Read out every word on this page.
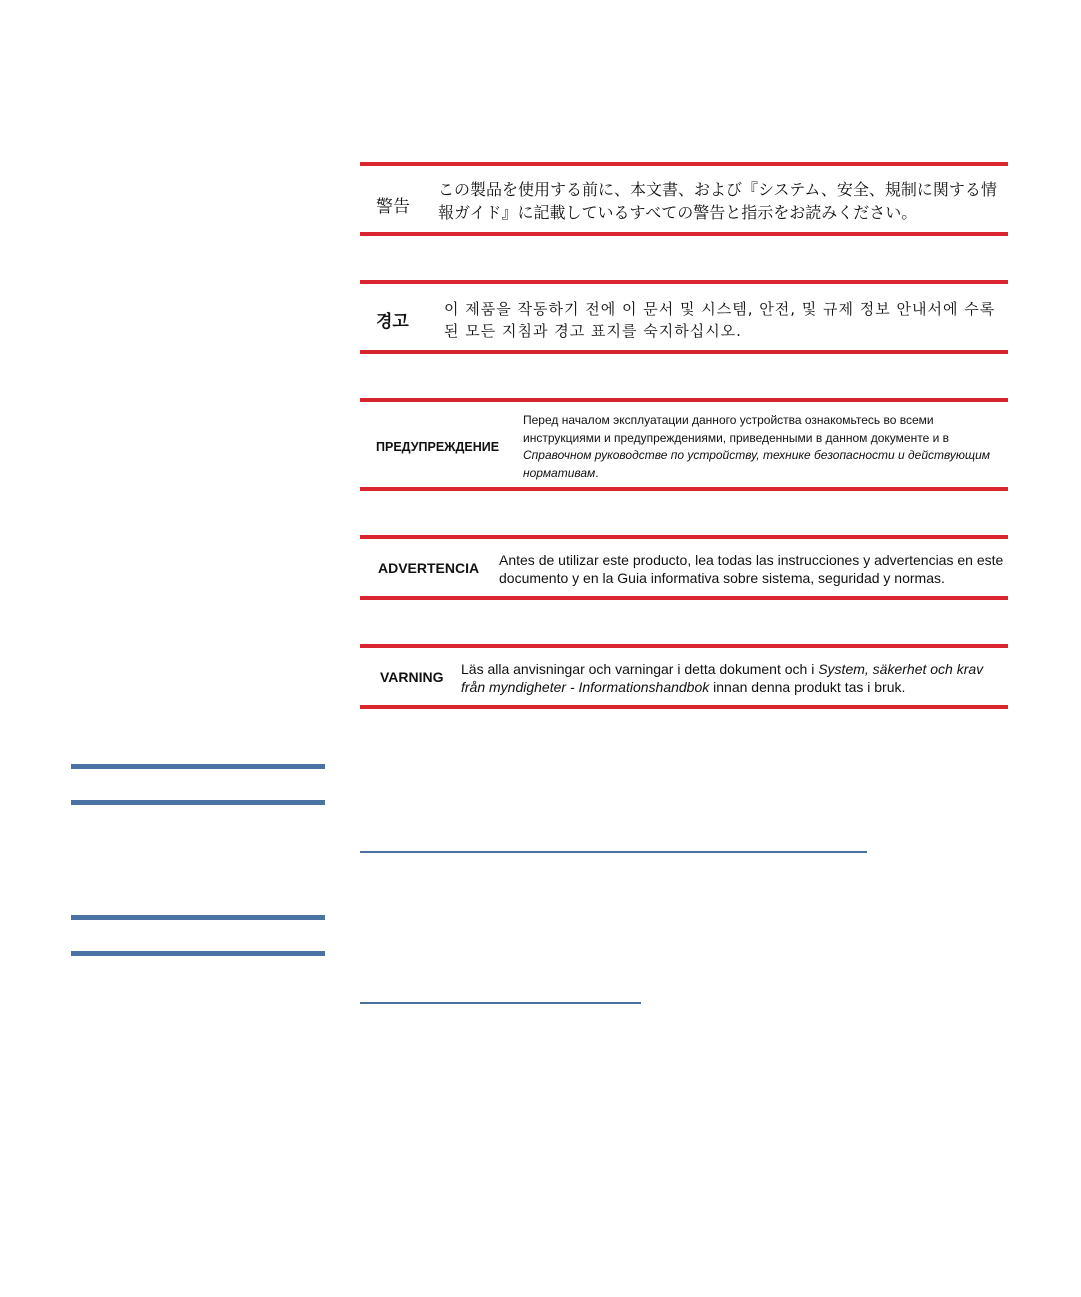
警告
この製品を使用する前に、本文書、および『システム、安全、規制に関する情報ガイド』に記載しているすべての警告と指示をお読みください。
경고
이 제품을 작동하기 전에 이 문서 및 시스템, 안전, 및 규제 정보 안내서에 수록된 모든 지침과 경고 표지를 숙지하십시오.
ПРЕДУПРЕЖДЕНИЕ
Перед началом эксплуатации данного устройства ознакомьтесь во всеми инструкциями и предупреждениями, приведенными в данном документе и в Справочном руководстве по устройству, технике безопасности и действующим нормативам.
ADVERTENCIA Antes de utilizar este producto, lea todas las instrucciones y advertencias en este documento y en la Guia informativa sobre sistema, seguridad y normas.
VARNING Läs alla anvisningar och varningar i detta dokument och i System, säkerhet och krav från myndigheter - Informationshandbok innan denna produkt tas i bruk.
